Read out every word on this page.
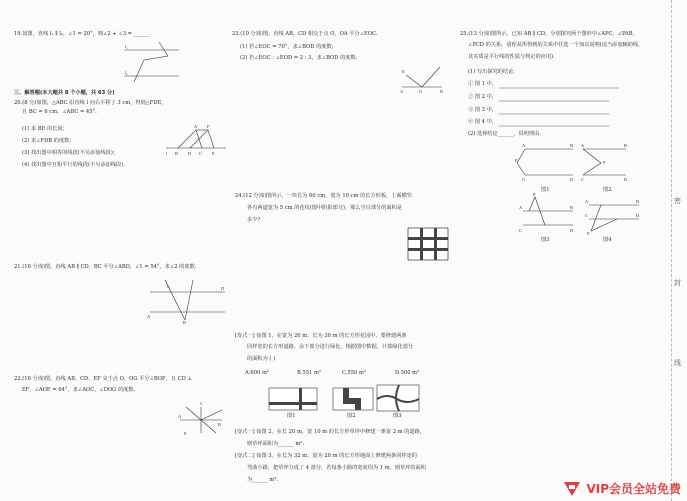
19.如图，直线 l₁ ∥ l₂，∠1 = 20°，则∠2 + ∠3 = ______.
l₁
l₂
三、解答题(本大题共 8 个小题，共 63 分)
20.(8 分)如图，△ABC 沿直线 l 向右平移了 3 cm，得到△FDE，
且 BC = 6 cm，∠ABC = 45°.
(1) 求 BE 的长度；
(2) 求∠FDB 的度数；
(3) 找出图中相等的线段(不另添加线段)；
(4) 找出图中互相平行的线段(不另添加线段).
l B D C E
A F
21.(10 分)如图，直线 AB ∥ CD，BC 平分∠ABD，∠1 = 54°，求∠2 的度数.
A
B
C	D
22.(10 分)如图，直线 AB、CD、EF 交于点 O，OG 平分∠BOF，且 CD ⊥
EF，∠AOE = 64°，求∠AOC，∠DOG 的度数.
A
B
E
C
23.(10 分)如图，直线 AB，CD 相交于点 O，OA 平分∠EOC.
(1) 若∠EOC = 70°，求∠BOD 的度数；
(2) 若∠EOC : ∠EOD = 2 : 3，求∠BOD 的度数.
A	O	B
E
24.(12 分)如图所示，一块长为 60 cm，宽为 10 cm 的长方形板，上面横竖
各有两道宽为 5 cm 的花纹(图中阴影部分)，那么空白部分的面积是
多少?
[发式一] 如图 1，在宽为 20 m，长为 30 m 的长方形花园中，要修建两条
同样宽的长方形道路，余下部分进行绿化，根据图中数据，计算绿化部分
的面积为 ( )
A.600 m²	B.551 m²	C.550 m²	D.500 m²
图1	图2	图3
[变式一] 如图 2，在长 20 m，宽 10 m 的长方形草坪中修建一条宽 2 m 的道路，
则草坪面积为______ m².
[变式二] 如图 3，在长为 32 m，宽为 20 m 的长方形地面上修建两条同样宽的
弯曲小路，把草坪分成了 4 部分，若每条小路的宽度均为 1 m，则草坪的面积
为______ m².
25.(13 分)如图所示，已知 AB ∥ CD，分别探究两个图形中∠APC，∠PAB，
∠PCD 的关系，请你从所得到的关系中任选一个加以说明(适当添加辅助线，
其实质是平行线的性质与判定的应用).
(1) 写出探究的结论.
① 图 1 中，
② 图 2 中，
③ 图 3 中，
④ 图 4 中，
(2) 选择结论______，说明理由.
A	B
P
C	D
A	B
P
C	D
图1	图2
P
A	B
C	D
A	B
C	D
P
图3	图4
密
封
线
VIP会员全站免费
